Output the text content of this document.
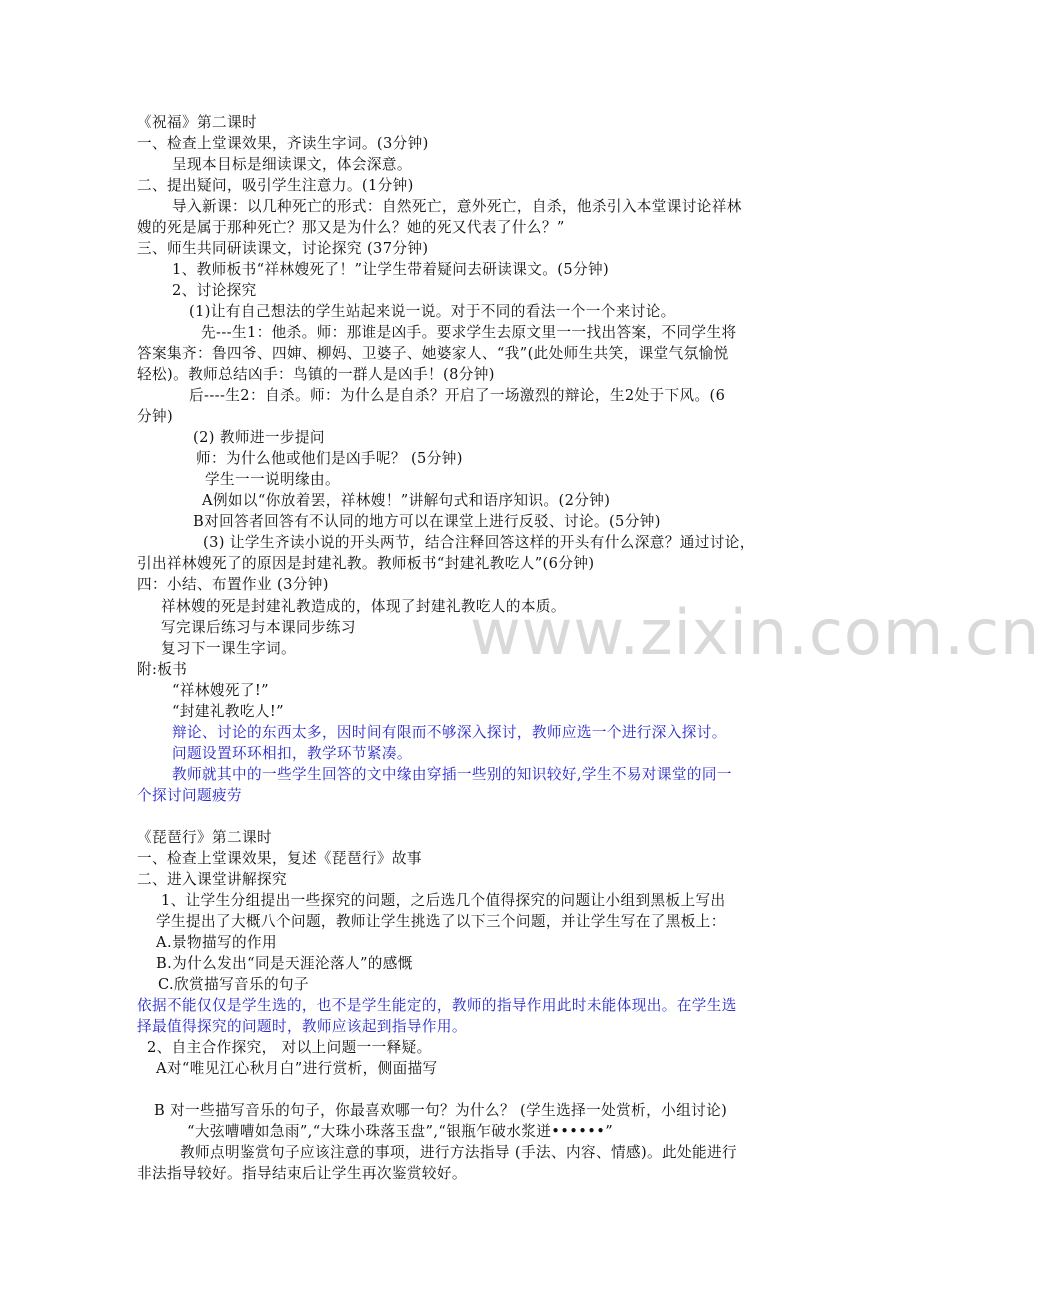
www.zixin.com.cn
《祝福》第二课时
一、检查上堂课效果，齐读生字词。(3分钟)
呈现本目标是细读课文，体会深意。
二、提出疑问，吸引学生注意力。(1分钟)
导入新课：以几种死亡的形式：自然死亡，意外死亡，自杀，他杀引入本堂课讨论祥林
嫂的死是属于那种死亡？那又是为什么？她的死又代表了什么？”
三、师生共同研读课文，讨论探究 (37分钟)
1、教师板书“祥林嫂死了！”让学生带着疑问去研读课文。(5分钟)
2、讨论探究
(1)让有自己想法的学生站起来说一说。对于不同的看法一个一个来讨论。
先---生1：他杀。师：那谁是凶手。要求学生去原文里一一找出答案，不同学生将
答案集齐：鲁四爷、四婶、柳妈、卫婆子、她婆家人、“我”(此处师生共笑，课堂气氛愉悦
轻松)。教师总结凶手：鸟镇的一群人是凶手！(8分钟)
后----生2：自杀。师：为什么是自杀？开启了一场激烈的辩论，生2处于下风。(6
分钟)
(2) 教师进一步提问
师：为什么他或他们是凶手呢？ (5分钟)
学生一一说明缘由。
A例如以“你放着罢，祥林嫂！”讲解句式和语序知识。(2分钟)
B对回答者回答有不认同的地方可以在课堂上进行反驳、讨论。(5分钟)
(3) 让学生齐读小说的开头两节，结合注释回答这样的开头有什么深意？通过讨论，
引出祥林嫂死了的原因是封建礼教。教师板书“封建礼教吃人”(6分钟)
四：小结、布置作业 (3分钟)
祥林嫂的死是封建礼教造成的，体现了封建礼教吃人的本质。
写完课后练习与本课同步练习
复习下一课生字词。
附:板书
“祥林嫂死了!”
“封建礼教吃人!”
辩论、讨论的东西太多，因时间有限而不够深入探讨，教师应选一个进行深入探讨。
问题设置环环相扣，教学环节紧凑。
教师就其中的一些学生回答的文中缘由穿插一些别的知识较好,学生不易对课堂的同一
个探讨问题疲劳
《琵琶行》第二课时
一、检查上堂课效果，复述《琵琶行》故事
二、进入课堂讲解探究
1、让学生分组提出一些探究的问题，之后选几个值得探究的问题让小组到黑板上写出
学生提出了大概八个问题，教师让学生挑选了以下三个问题，并让学生写在了黑板上：
A.景物描写的作用
B.为什么发出“同是天涯沦落人”的感慨
C.欣赏描写音乐的句子
依据不能仅仅是学生选的，也不是学生能定的，教师的指导作用此时未能体现出。在学生选
择最值得探究的问题时，教师应该起到指导作用。
2、自主合作探究， 对以上问题一一释疑。
A对“唯见江心秋月白”进行赏析，侧面描写
B 对一些描写音乐的句子，你最喜欢哪一句？为什么？ (学生选择一处赏析，小组讨论)
“大弦嘈嘈如急雨”,“大珠小珠落玉盘”,“银瓶乍破水浆迸••••••”
教师点明鉴赏句子应该注意的事项，进行方法指导 (手法、内容、情感)。此处能进行
非法指导较好。指导结束后让学生再次鉴赏较好。
